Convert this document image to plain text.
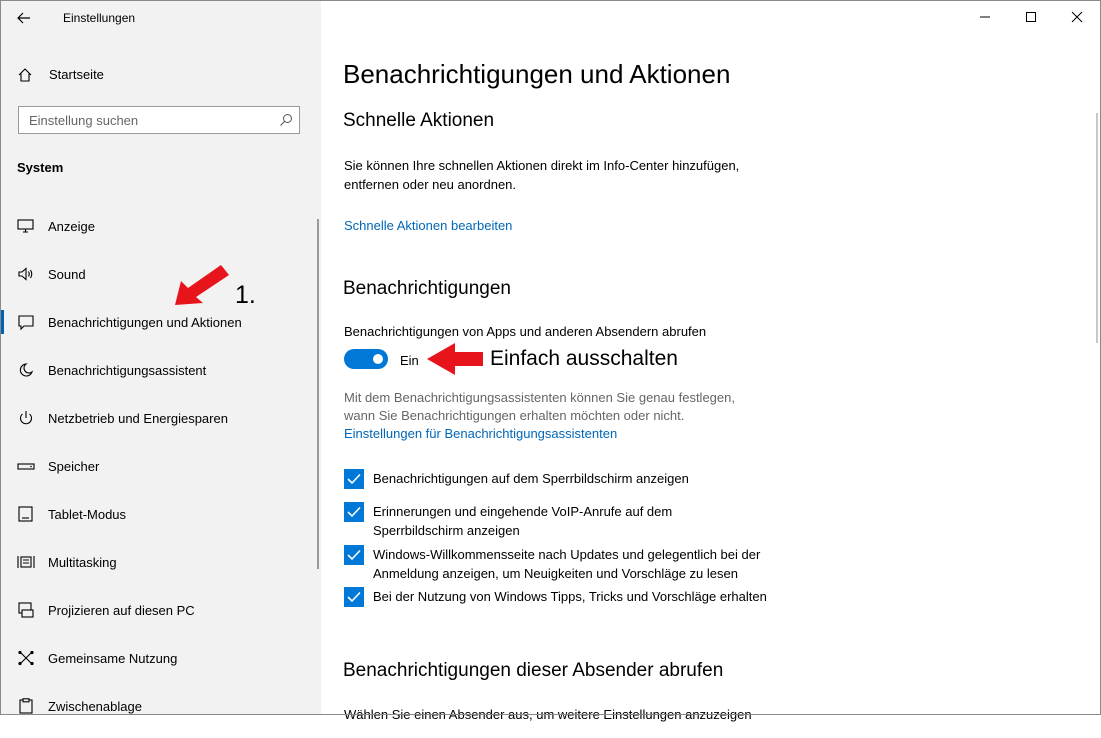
Einstellungen
Startseite
Einstellung suchen
System
Anzeige
Sound
Benachrichtigungen und Aktionen
Benachrichtigungsassistent
Netzbetrieb und Energiesparen
Speicher
Tablet-Modus
Multitasking
Projizieren auf diesen PC
Gemeinsame Nutzung
Zwischenablage
1.
Benachrichtigungen und Aktionen
Schnelle Aktionen
Sie können Ihre schnellen Aktionen direkt im Info-Center hinzufügen,
entfernen oder neu anordnen.
Schnelle Aktionen bearbeiten
Benachrichtigungen
Benachrichtigungen von Apps und anderen Absendern abrufen
Ein	Einfach ausschalten
Mit dem Benachrichtigungsassistenten können Sie genau festlegen,
wann Sie Benachrichtigungen erhalten möchten oder nicht.
Einstellungen für Benachrichtigungsassistenten
Benachrichtigungen auf dem Sperrbildschirm anzeigen
Erinnerungen und eingehende VoIP-Anrufe auf dem
Sperrbildschirm anzeigen
Windows-Willkommensseite nach Updates und gelegentlich bei der
Anmeldung anzeigen, um Neuigkeiten und Vorschläge zu lesen
Bei der Nutzung von Windows Tipps, Tricks und Vorschläge erhalten
Benachrichtigungen dieser Absender abrufen
Wählen Sie einen Absender aus, um weitere Einstellungen anzuzeigen
